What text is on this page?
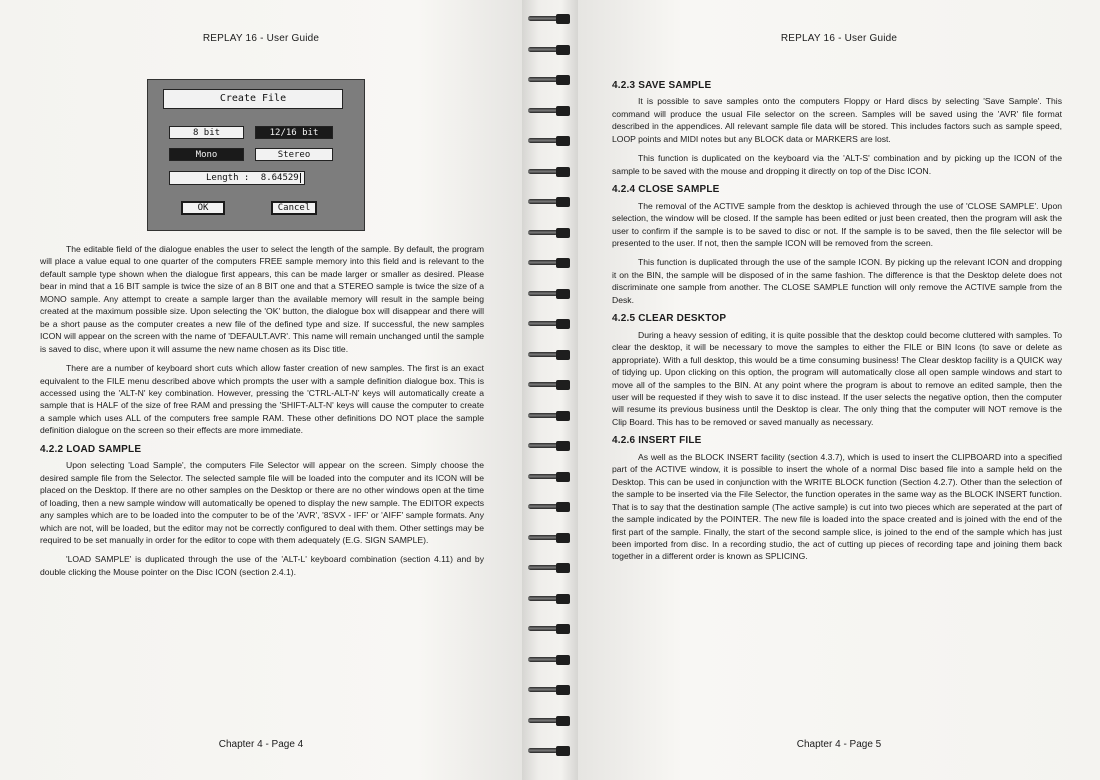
REPLAY 16 - User Guide
Create File
8 bit	12/16 bit
Mono	Stereo
Length : 8.64529
OK	Cancel

The editable field of the dialogue enables the user to select the length of the sample. By default, the program will place a value equal to one quarter of the computers FREE sample memory into this field and is relevant to the default sample type shown when the dialogue first appears, this can be made larger or smaller as desired. Please bear in mind that a 16 BIT sample is twice the size of an 8 BIT one and that a STEREO sample is twice the size of a MONO sample. Any attempt to create a sample larger than the available memory will result in the sample being created at the maximum possible size. Upon selecting the 'OK' button, the dialogue box will disappear and there will be a short pause as the computer creates a new file of the defined type and size. If successful, the new samples ICON will appear on the screen with the name of 'DEFAULT.AVR'. This name will remain unchanged until the sample is saved to disc, where upon it will assume the new name chosen as its Disc title.

There are a number of keyboard short cuts which allow faster creation of new samples. The first is an exact equivalent to the FILE menu described above which prompts the user with a sample definition dialogue box. This is accessed using the 'ALT-N' key combination. However, pressing the 'CTRL-ALT-N' keys will automatically create a sample that is HALF of the size of free RAM and pressing the 'SHIFT-ALT-N' keys will cause the computer to create a sample which uses ALL of the computers free sample RAM. These other definitions DO NOT place the sample definition dialogue on the screen so their effects are more immediate.

4.2.2 LOAD SAMPLE

Upon selecting 'Load Sample', the computers File Selector will appear on the screen. Simply choose the desired sample file from the Selector. The selected sample file will be loaded into the computer and its ICON will be placed on the Desktop. If there are no other samples on the Desktop or there are no other windows open at the time of loading, then a new sample window will automatically be opened to display the new sample. The EDITOR expects any samples which are to be loaded into the computer to be of the 'AVR', '8SVX - IFF' or 'AIFF' sample formats. Any which are not, will be loaded, but the editor may not be correctly configured to deal with them. Other settings may be required to be set manually in order for the editor to cope with them adequately (E.G. SIGN SAMPLE).

'LOAD SAMPLE' is duplicated through the use of the 'ALT-L' keyboard combination (section 4.11) and by double clicking the Mouse pointer on the Disc ICON (section 2.4.1).

Chapter 4 - Page 4
REPLAY 16 - User Guide
4.2.3 SAVE SAMPLE

It is possible to save samples onto the computers Floppy or Hard discs by selecting 'Save Sample'. This command will produce the usual File selector on the screen. Samples will be saved using the 'AVR' file format described in the appendices. All relevant sample file data will be stored. This includes factors such as sample speed, LOOP points and MIDI notes but any BLOCK data or MARKERS are lost.

This function is duplicated on the keyboard via the 'ALT-S' combination and by picking up the ICON of the sample to be saved with the mouse and dropping it directly on top of the Disc ICON.

4.2.4 CLOSE SAMPLE

The removal of the ACTIVE sample from the desktop is achieved through the use of 'CLOSE SAMPLE'. Upon selection, the window will be closed. If the sample has been edited or just been created, then the program will ask the user to confirm if the sample is to be saved to disc or not. If the sample is to be saved, then the file selector will be presented to the user. If not, then the sample ICON will be removed from the screen.

This function is duplicated through the use of the sample ICON. By picking up the relevant ICON and dropping it on the BIN, the sample will be disposed of in the same fashion. The difference is that the Desktop delete does not discriminate one sample from another. The CLOSE SAMPLE function will only remove the ACTIVE sample from the Desk.

4.2.5 CLEAR DESKTOP

During a heavy session of editing, it is quite possible that the desktop could become cluttered with samples. To clear the desktop, it will be necessary to move the samples to either the FILE or BIN Icons (to save or delete as appropriate). With a full desktop, this would be a time consuming business! The Clear desktop facility is a QUICK way of tidying up. Upon clicking on this option, the program will automatically close all open sample windows and start to move all of the samples to the BIN. At any point where the program is about to remove an edited sample, then the user will be requested if they wish to save it to disc instead. If the user selects the negative option, then the computer will resume its previous business until the Desktop is clear. The only thing that the computer will NOT remove is the Clip Board. This has to be removed or saved manually as necessary.

4.2.6 INSERT FILE

As well as the BLOCK INSERT facility (section 4.3.7), which is used to insert the CLIPBOARD into a specified part of the ACTIVE window, it is possible to insert the whole of a normal Disc based file into a sample held on the Desktop. This can be used in conjunction with the WRITE BLOCK function (Section 4.2.7). Other than the selection of the sample to be inserted via the File Selector, the function operates in the same way as the BLOCK INSERT function. That is to say that the destination sample (The active sample) is cut into two pieces which are seperated at the part of the sample indicated by the POINTER. The new file is loaded into the space created and is joined with the end of the first part of the sample. Finally, the start of the second sample slice, is joined to the end of the sample which has just been imported from disc. In a recording studio, the act of cutting up pieces of recording tape and joining them back together in a different order is known as SPLICING.

Chapter 4 - Page 5
